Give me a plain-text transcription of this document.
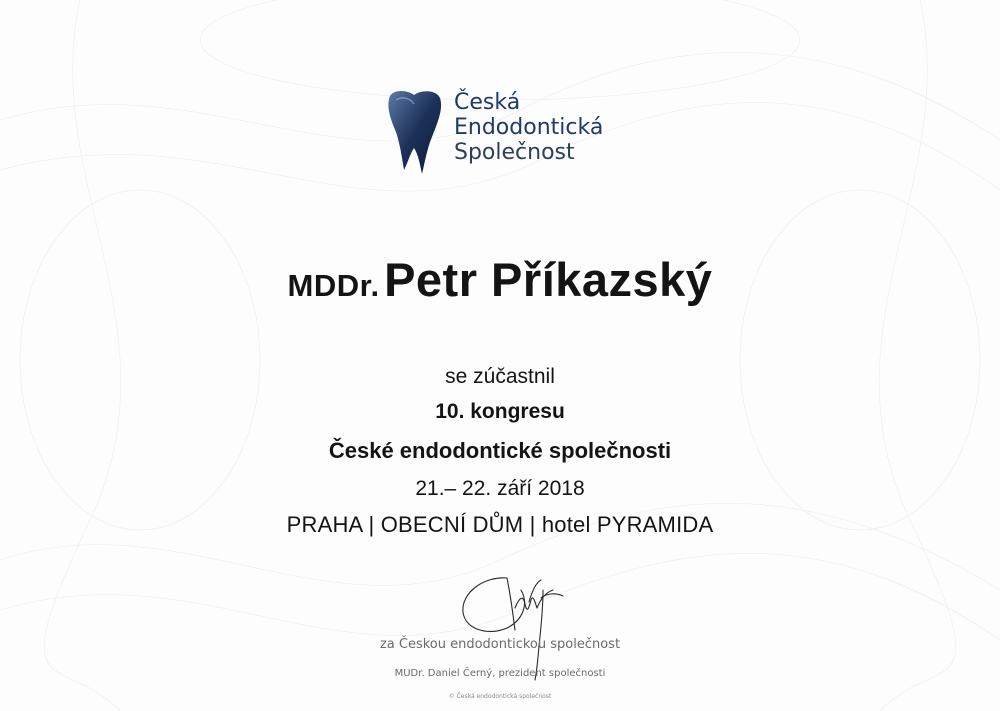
Česká
Endodontická
Společnost
MDDr. Petr Příkazský
se zúčastnil
10. kongresu
České endodontické společnosti
21.– 22. září 2018
PRAHA | OBECNÍ DŮM | hotel PYRAMIDA
za Českou endodontickou společnost
MUDr. Daniel Černý, prezident společnosti
© Česká endodontická společnost
